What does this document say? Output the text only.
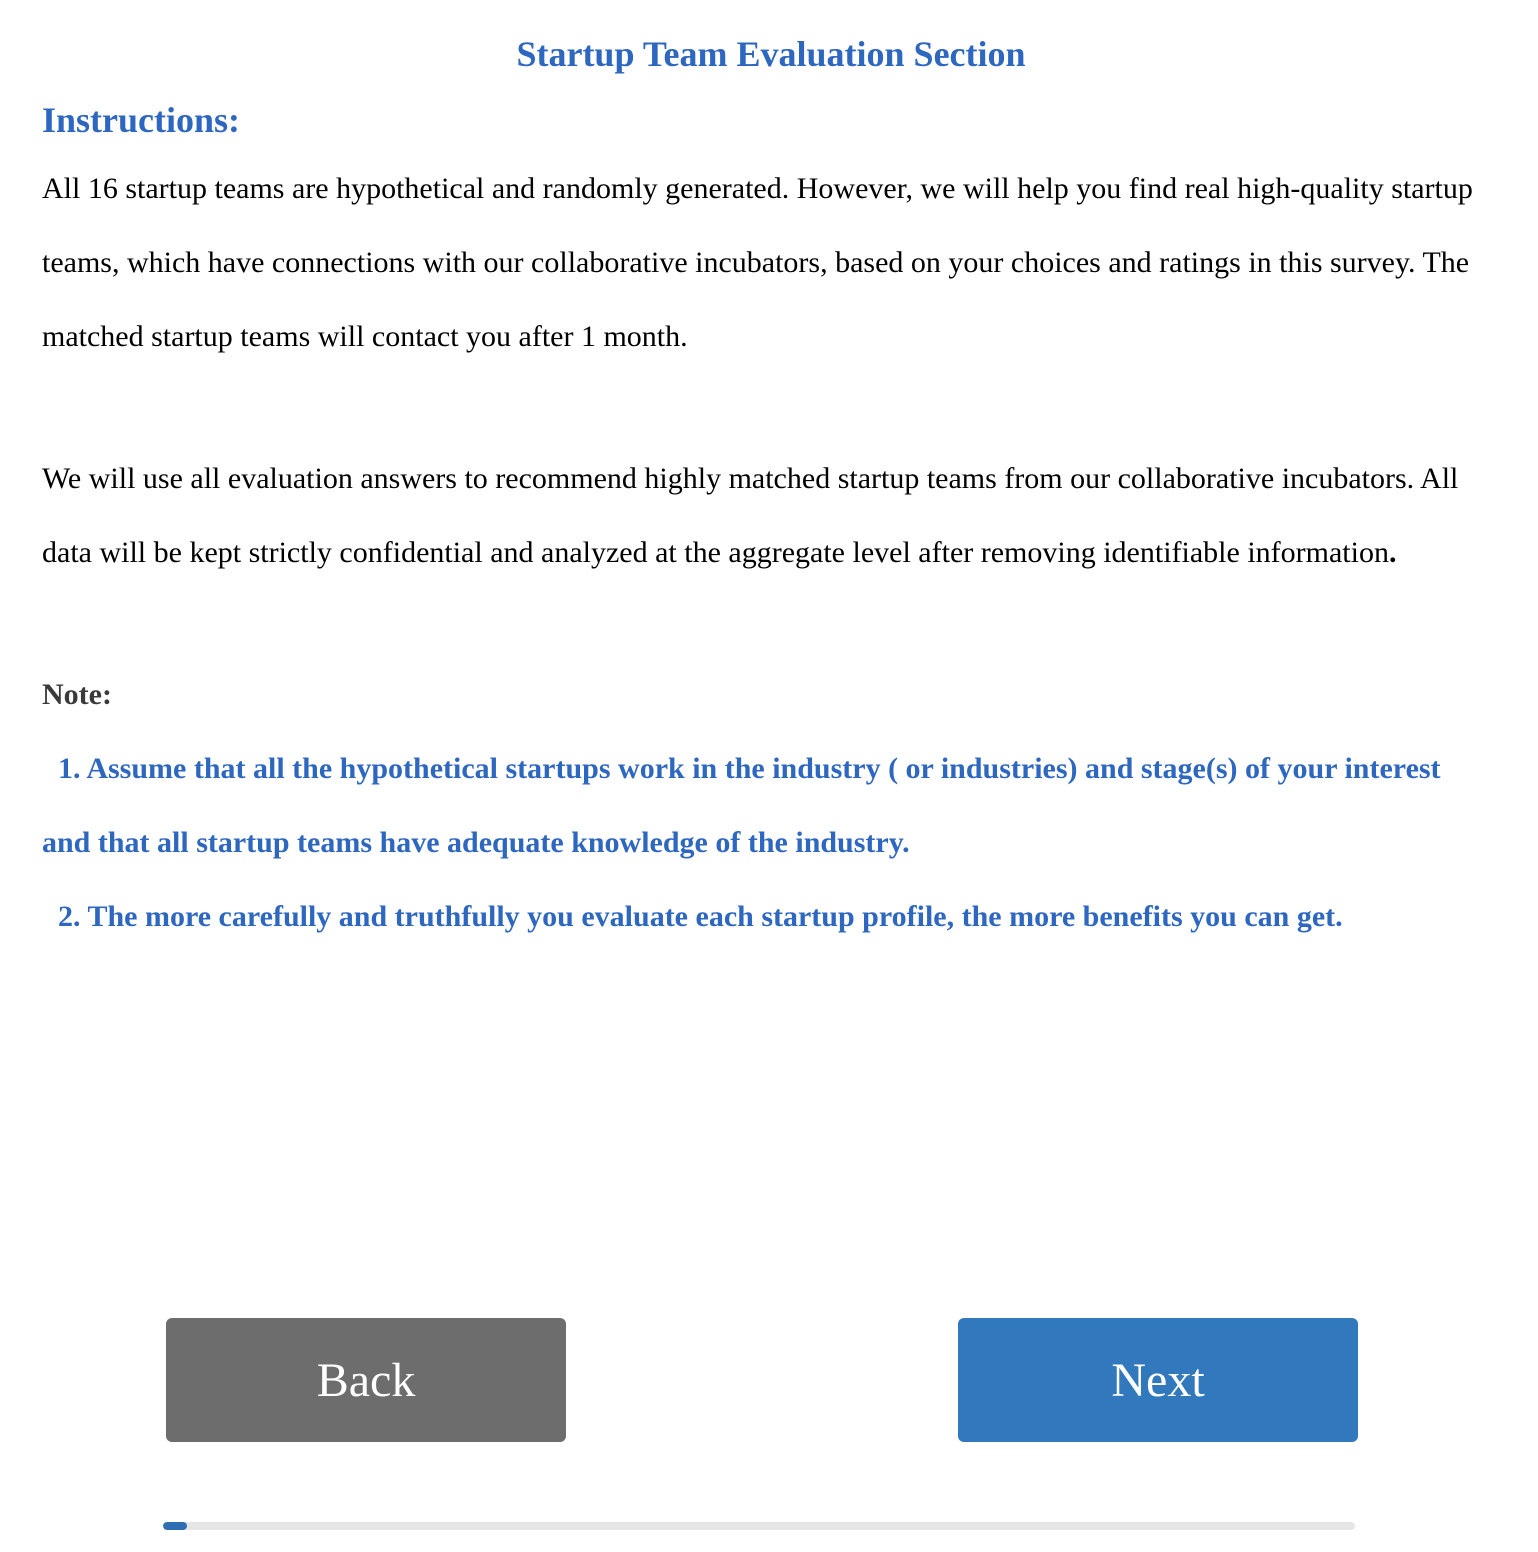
Startup Team Evaluation Section
Instructions:

All 16 startup teams are hypothetical and randomly generated. However, we will help you find real high-quality startup teams, which have connections with our collaborative incubators, based on your choices and ratings in this survey. The matched startup teams will contact you after 1 month.

We will use all evaluation answers to recommend highly matched startup teams from our collaborative incubators. All data will be kept strictly confidential and analyzed at the aggregate level after removing identifiable information.

Note:

1. Assume that all the hypothetical startups work in the industry ( or industries) and stage(s) of your interest and that all startup teams have adequate knowledge of the industry.

2. The more carefully and truthfully you evaluate each startup profile, the more benefits you can get.

Back	Next
